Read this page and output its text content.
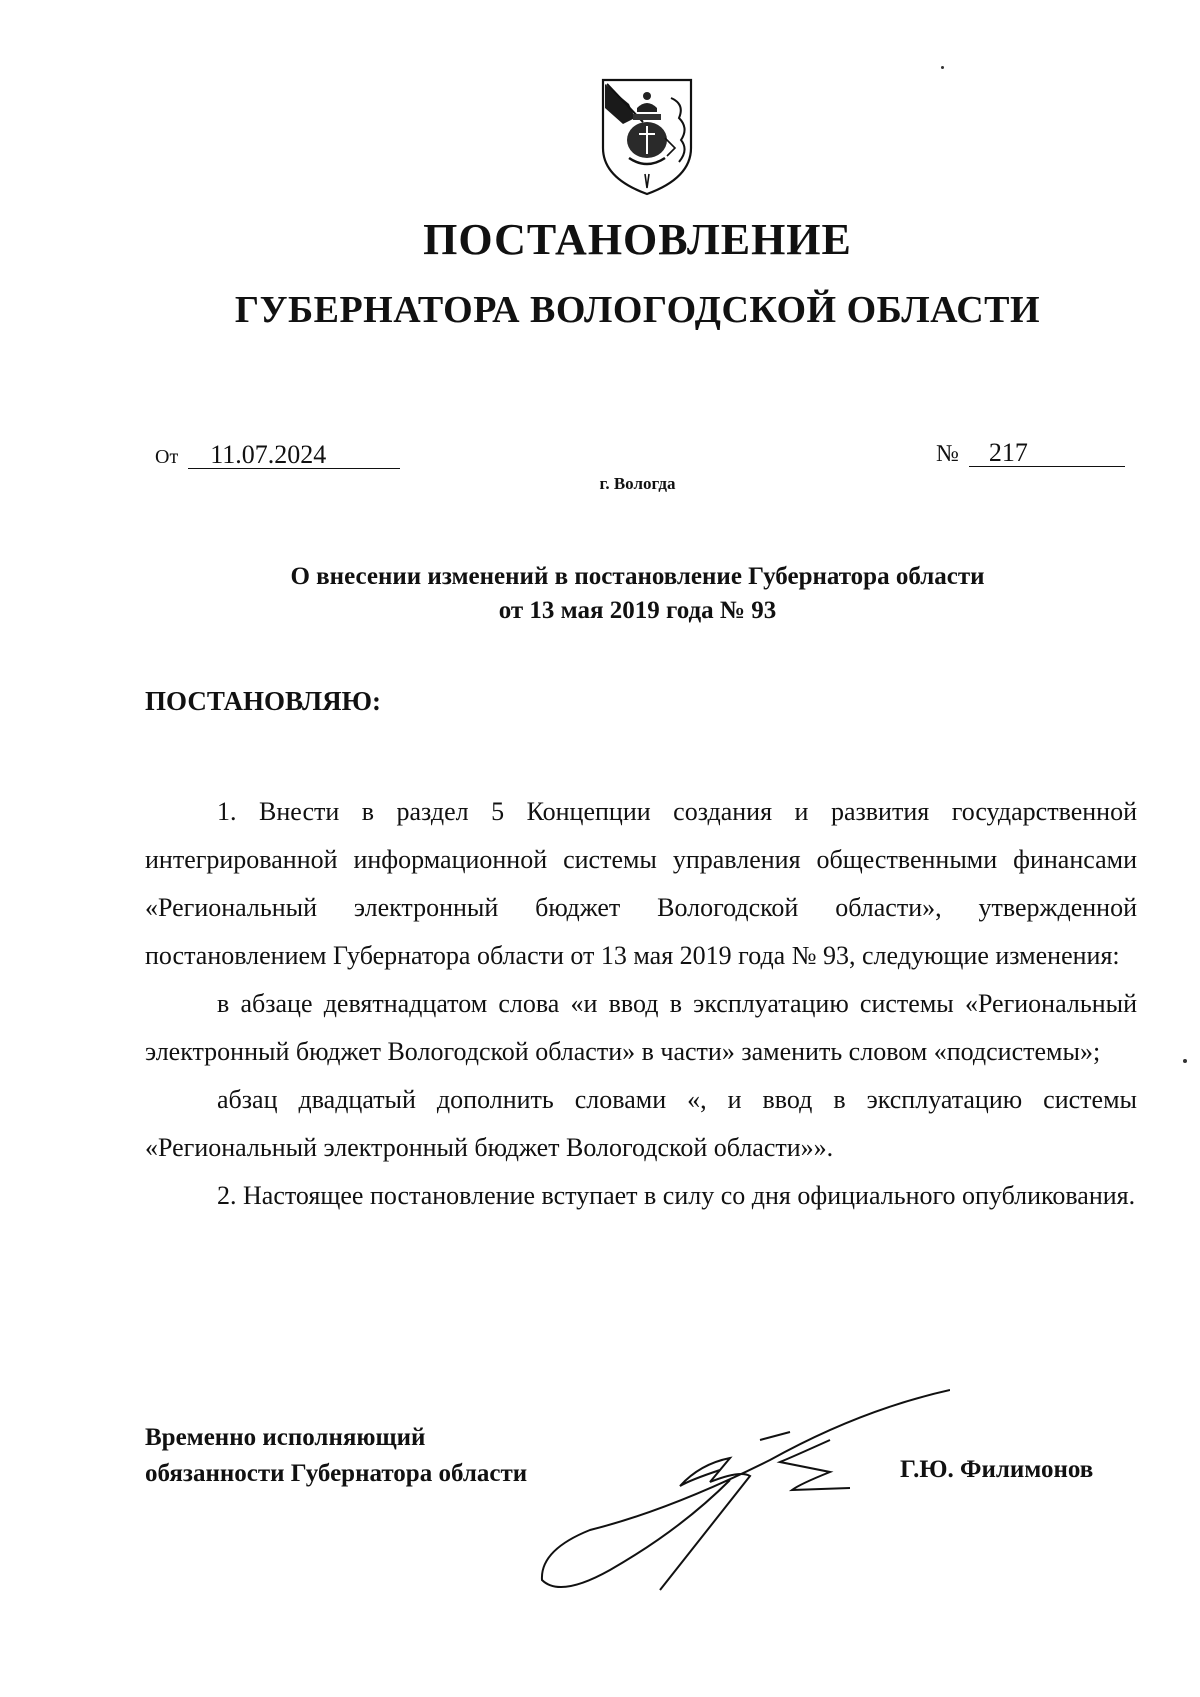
ПОСТАНОВЛЕНИЕ
ГУБЕРНАТОРА ВОЛОГОДСКОЙ ОБЛАСТИ
От 11.07.2024	№ 217
г. Вологда
О внесении изменений в постановление Губернатора области
от 13 мая 2019 года № 93
ПОСТАНОВЛЯЮ:

1. Внести в раздел 5 Концепции создания и развития государственной интегрированной информационной системы управления общественными финансами «Региональный электронный бюджет Вологодской области», утвержденной постановлением Губернатора области от 13 мая 2019 года № 93, следующие изменения:

в абзаце девятнадцатом слова «и ввод в эксплуатацию системы «Региональный электронный бюджет Вологодской области» в части» заменить словом «подсистемы»;

абзац двадцатый дополнить словами «, и ввод в эксплуатацию системы «Региональный электронный бюджет Вологодской области»».

2. Настоящее постановление вступает в силу со дня официального опубликования.

Временно исполняющий
обязанности Губернатора области	Г.Ю. Филимонов
